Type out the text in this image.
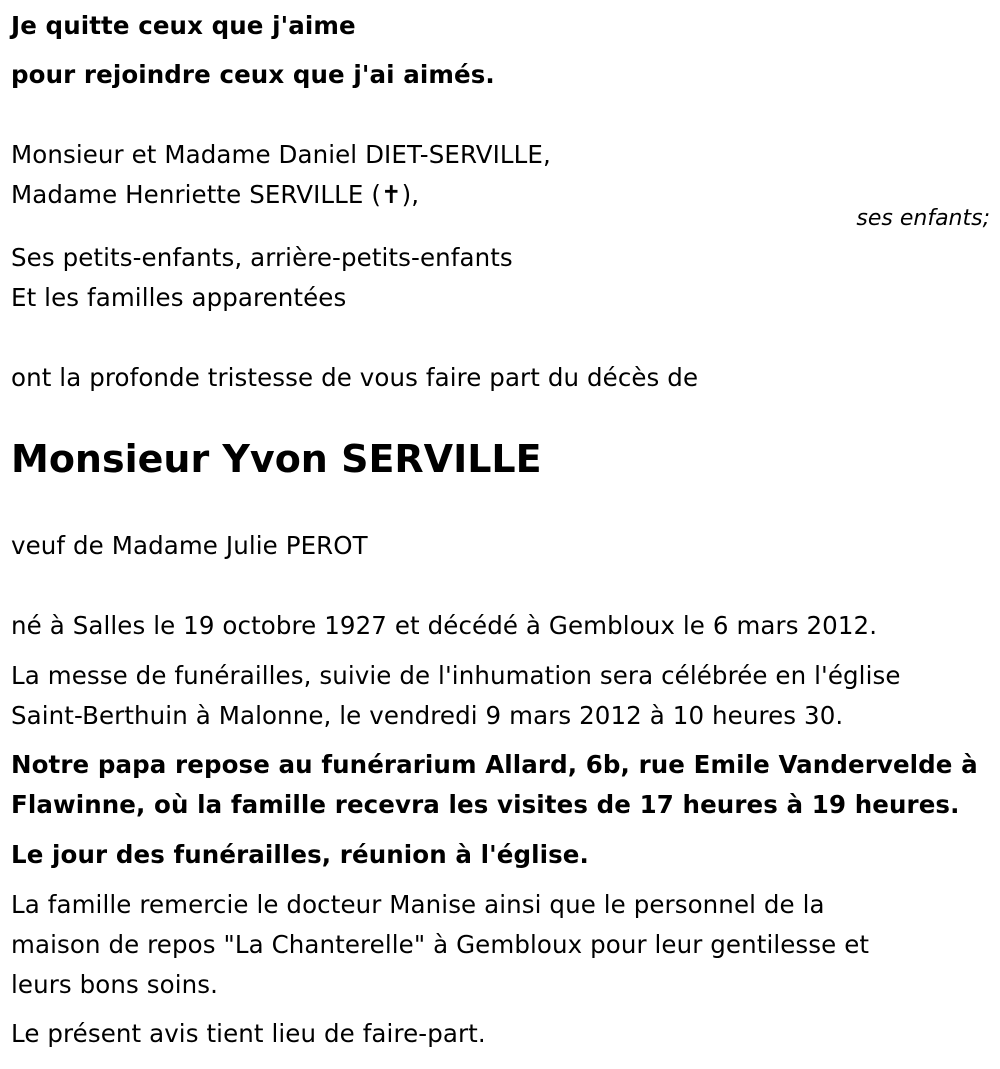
Je quitte ceux que j'aime
pour rejoindre ceux que j'ai aimés.
Monsieur et Madame Daniel DIET-SERVILLE,
Madame Henriette SERVILLE (✝),
ses enfants;
Ses petits-enfants, arrière-petits-enfants
Et les familles apparentées
ont la profonde tristesse de vous faire part du décès de
Monsieur Yvon SERVILLE
veuf de Madame Julie PEROT
né à Salles le 19 octobre 1927 et décédé à Gembloux le 6 mars 2012.
La messe de funérailles, suivie de l'inhumation sera célébrée en l'église
Saint-Berthuin à Malonne, le vendredi 9 mars 2012 à 10 heures 30.
Notre papa repose au funérarium Allard, 6b, rue Emile Vandervelde à
Flawinne, où la famille recevra les visites de 17 heures à 19 heures.
Le jour des funérailles, réunion à l'église.
La famille remercie le docteur Manise ainsi que le personnel de la
maison de repos "La Chanterelle" à Gembloux pour leur gentilesse et
leurs bons soins.
Le présent avis tient lieu de faire-part.
